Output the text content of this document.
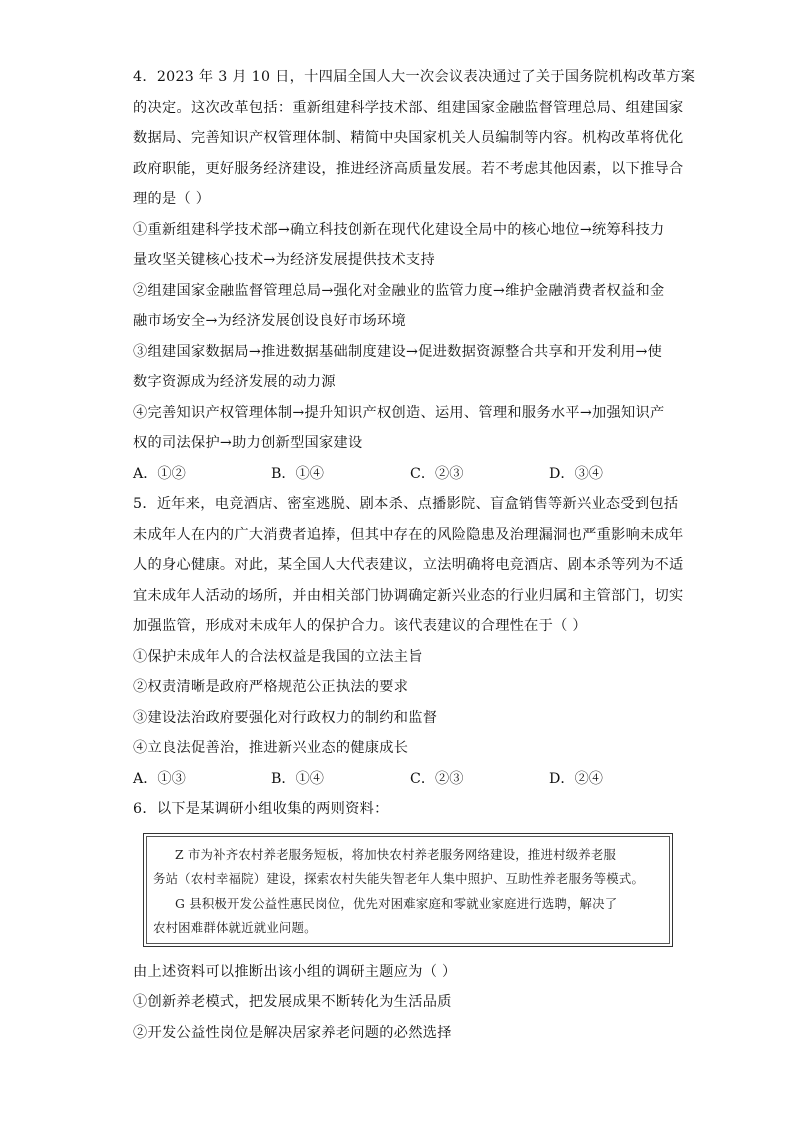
4．2023 年 3 月 10 日，十四届全国人大一次会议表决通过了关于国务院机构改革方案
的决定。这次改革包括：重新组建科学技术部、组建国家金融监督管理总局、组建国家
数据局、完善知识产权管理体制、精简中央国家机关人员编制等内容。机构改革将优化
政府职能，更好服务经济建设，推进经济高质量发展。若不考虑其他因素，以下推导合
理的是（ ）
①重新组建科学技术部→确立科技创新在现代化建设全局中的核心地位→统筹科技力
量攻坚关键核心技术→为经济发展提供技术支持
②组建国家金融监督管理总局→强化对金融业的监管力度→维护金融消费者权益和金
融市场安全→为经济发展创设良好市场环境
③组建国家数据局→推进数据基础制度建设→促进数据资源整合共享和开发利用→使
数字资源成为经济发展的动力源
④完善知识产权管理体制→提升知识产权创造、运用、管理和服务水平→加强知识产
权的司法保护→助力创新型国家建设
A．①②	B．①④	C．②③	D．③④
5．近年来，电竞酒店、密室逃脱、剧本杀、点播影院、盲盒销售等新兴业态受到包括
未成年人在内的广大消费者追捧，但其中存在的风险隐患及治理漏洞也严重影响未成年
人的身心健康。对此，某全国人大代表建议，立法明确将电竞酒店、剧本杀等列为不适
宜未成年人活动的场所，并由相关部门协调确定新兴业态的行业归属和主管部门，切实
加强监管，形成对未成年人的保护合力。该代表建议的合理性在于（ ）
①保护未成年人的合法权益是我国的立法主旨
②权责清晰是政府严格规范公正执法的要求
③建设法治政府要强化对行政权力的制约和监督
④立良法促善治，推进新兴业态的健康成长
A．①③	B．①④	C．②③	D．②④
6．以下是某调研小组收集的两则资料：
Z 市为补齐农村养老服务短板，将加快农村养老服务网络建设，推进村级养老服
务站（农村幸福院）建设，探索农村失能失智老年人集中照护、互助性养老服务等模式。
G 县积极开发公益性惠民岗位，优先对困难家庭和零就业家庭进行选聘，解决了
农村困难群体就近就业问题。
由上述资料可以推断出该小组的调研主题应为（ ）
①创新养老模式，把发展成果不断转化为生活品质
②开发公益性岗位是解决居家养老问题的必然选择
